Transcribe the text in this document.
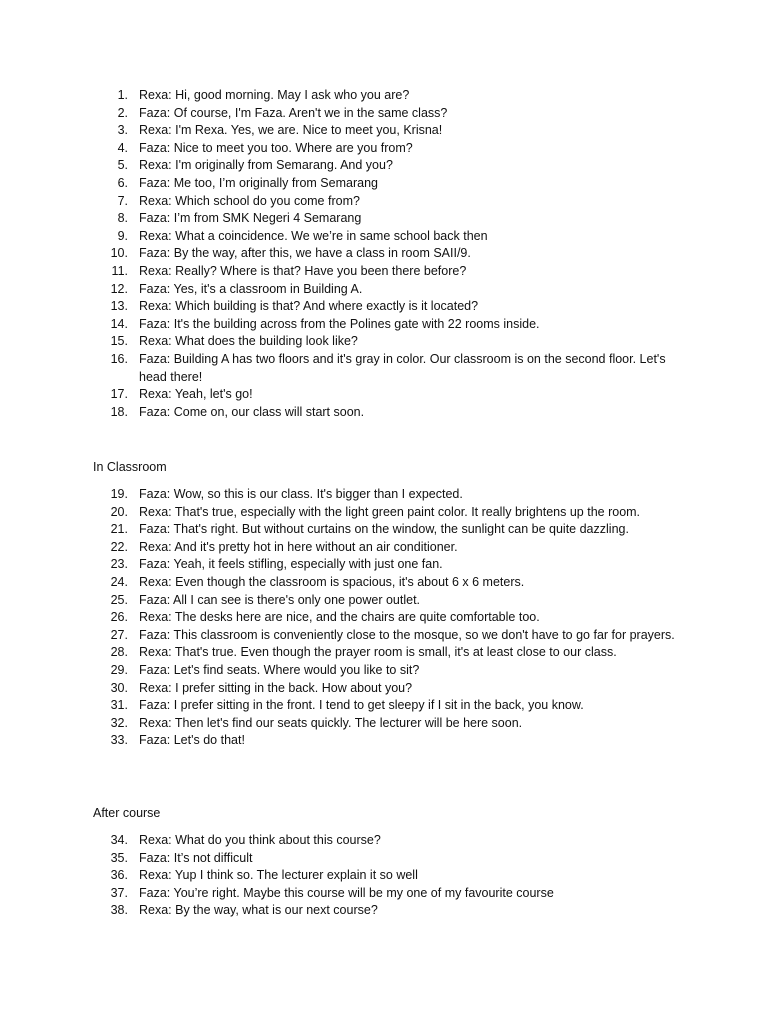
1. Rexa: Hi, good morning. May I ask who you are?
2. Faza: Of course, I'm Faza. Aren't we in the same class?
3. Rexa: I'm Rexa. Yes, we are. Nice to meet you, Krisna!
4. Faza: Nice to meet you too. Where are you from?
5. Rexa: I'm originally from Semarang. And you?
6. Faza: Me too, I’m originally from Semarang
7. Rexa: Which school do you come from?
8. Faza: I’m from SMK Negeri 4 Semarang
9. Rexa: What a coincidence. We we’re in same school back then
10. Faza: By the way, after this, we have a class in room SAII/9.
11. Rexa: Really? Where is that? Have you been there before?
12. Faza: Yes, it's a classroom in Building A.
13. Rexa: Which building is that? And where exactly is it located?
14. Faza: It's the building across from the Polines gate with 22 rooms inside.
15. Rexa: What does the building look like?
16. Faza: Building A has two floors and it's gray in color. Our classroom is on the second floor. Let's head there!
17. Rexa: Yeah, let's go!
18. Faza: Come on, our class will start soon.
In Classroom
19. Faza: Wow, so this is our class. It's bigger than I expected.
20. Rexa: That's true, especially with the light green paint color. It really brightens up the room.
21. Faza: That's right. But without curtains on the window, the sunlight can be quite dazzling.
22. Rexa: And it's pretty hot in here without an air conditioner.
23. Faza: Yeah, it feels stifling, especially with just one fan.
24. Rexa: Even though the classroom is spacious, it's about 6 x 6 meters.
25. Faza: All I can see is there's only one power outlet.
26. Rexa: The desks here are nice, and the chairs are quite comfortable too.
27. Faza: This classroom is conveniently close to the mosque, so we don't have to go far for prayers.
28. Rexa: That's true. Even though the prayer room is small, it's at least close to our class.
29. Faza: Let's find seats. Where would you like to sit?
30. Rexa: I prefer sitting in the back. How about you?
31. Faza: I prefer sitting in the front. I tend to get sleepy if I sit in the back, you know.
32. Rexa: Then let's find our seats quickly. The lecturer will be here soon.
33. Faza: Let's do that!
After course
34. Rexa: What do you think about this course?
35. Faza: It’s not difficult
36. Rexa: Yup I think so. The lecturer explain it so well
37. Faza: You’re right. Maybe this course will be my one of my favourite course
38. Rexa: By the way, what is our next course?
